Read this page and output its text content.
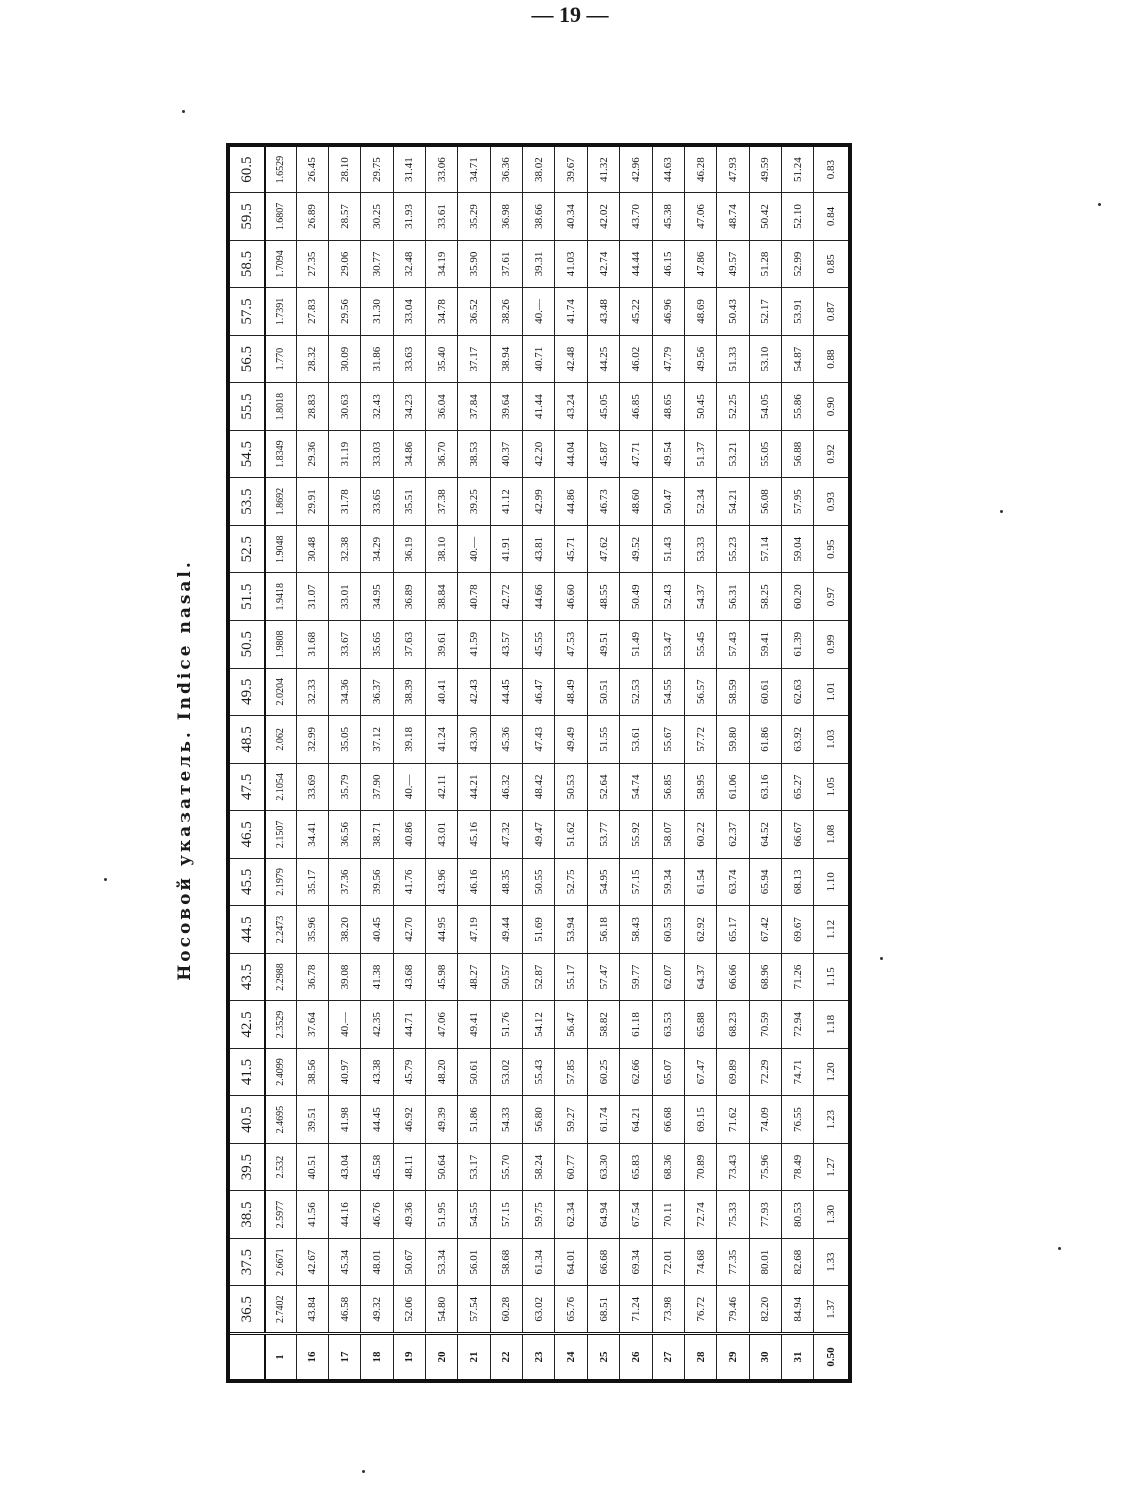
— 19 —
Носовой указатель. Indice nasal.
	36.5	37.5	38.5	39.5	40.5	41.5	42.5	43.5	44.5	45.5	46.5	47.5	48.5	49.5	50.5	51.5	52.5	53.5	54.5	55.5	56.5	57.5	58.5	59.5	60.5
1	2.7402	2.6671	2.5977	2.532	2.4695	2.4099	2.3529	2.2988	2.2473	2.1979	2.1507	2.1054	2.062	2.0204	1.9808	1.9418	1.9048	1.8692	1.8349	1.8018	1.770	1.7391	1.7094	1.6807	1.6529
16	43.84	42.67	41.56	40.51	39.51	38.56	37.64	36.78	35.96	35.17	34.41	33.69	32.99	32.33	31.68	31.07	30.48	29.91	29.36	28.83	28.32	27.83	27.35	26.89	26.45
17	46.58	45.34	44.16	43.04	41.98	40.97	40.—	39.08	38.20	37.36	36.56	35.79	35.05	34.36	33.67	33.01	32.38	31.78	31.19	30.63	30.09	29.56	29.06	28.57	28.10
18	49.32	48.01	46.76	45.58	44.45	43.38	42.35	41.38	40.45	39.56	38.71	37.90	37.12	36.37	35.65	34.95	34.29	33.65	33.03	32.43	31.86	31.30	30.77	30.25	29.75
19	52.06	50.67	49.36	48.11	46.92	45.79	44.71	43.68	42.70	41.76	40.86	40.—	39.18	38.39	37.63	36.89	36.19	35.51	34.86	34.23	33.63	33.04	32.48	31.93	31.41
20	54.80	53.34	51.95	50.64	49.39	48.20	47.06	45.98	44.95	43.96	43.01	42.11	41.24	40.41	39.61	38.84	38.10	37.38	36.70	36.04	35.40	34.78	34.19	33.61	33.06
21	57.54	56.01	54.55	53.17	51.86	50.61	49.41	48.27	47.19	46.16	45.16	44.21	43.30	42.43	41.59	40.78	40.—	39.25	38.53	37.84	37.17	36.52	35.90	35.29	34.71
22	60.28	58.68	57.15	55.70	54.33	53.02	51.76	50.57	49.44	48.35	47.32	46.32	45.36	44.45	43.57	42.72	41.91	41.12	40.37	39.64	38.94	38.26	37.61	36.98	36.36
23	63.02	61.34	59.75	58.24	56.80	55.43	54.12	52.87	51.69	50.55	49.47	48.42	47.43	46.47	45.55	44.66	43.81	42.99	42.20	41.44	40.71	40.—	39.31	38.66	38.02
24	65.76	64.01	62.34	60.77	59.27	57.85	56.47	55.17	53.94	52.75	51.62	50.53	49.49	48.49	47.53	46.60	45.71	44.86	44.04	43.24	42.48	41.74	41.03	40.34	39.67
25	68.51	66.68	64.94	63.30	61.74	60.25	58.82	57.47	56.18	54.95	53.77	52.64	51.55	50.51	49.51	48.55	47.62	46.73	45.87	45.05	44.25	43.48	42.74	42.02	41.32
26	71.24	69.34	67.54	65.83	64.21	62.66	61.18	59.77	58.43	57.15	55.92	54.74	53.61	52.53	51.49	50.49	49.52	48.60	47.71	46.85	46.02	45.22	44.44	43.70	42.96
27	73.98	72.01	70.11	68.36	66.68	65.07	63.53	62.07	60.53	59.34	58.07	56.85	55.67	54.55	53.47	52.43	51.43	50.47	49.54	48.65	47.79	46.96	46.15	45.38	44.63
28	76.72	74.68	72.74	70.89	69.15	67.47	65.88	64.37	62.92	61.54	60.22	58.95	57.72	56.57	55.45	54.37	53.33	52.34	51.37	50.45	49.56	48.69	47.86	47.06	46.28
29	79.46	77.35	75.33	73.43	71.62	69.89	68.23	66.66	65.17	63.74	62.37	61.06	59.80	58.59	57.43	56.31	55.23	54.21	53.21	52.25	51.33	50.43	49.57	48.74	47.93
30	82.20	80.01	77.93	75.96	74.09	72.29	70.59	68.96	67.42	65.94	64.52	63.16	61.86	60.61	59.41	58.25	57.14	56.08	55.05	54.05	53.10	52.17	51.28	50.42	49.59
31	84.94	82.68	80.53	78.49	76.55	74.71	72.94	71.26	69.67	68.13	66.67	65.27	63.92	62.63	61.39	60.20	59.04	57.95	56.88	55.86	54.87	53.91	52.99	52.10	51.24
0.50	1.37	1.33	1.30	1.27	1.23	1.20	1.18	1.15	1.12	1.10	1.08	1.05	1.03	1.01	0.99	0.97	0.95	0.93	0.92	0.90	0.88	0.87	0.85	0.84	0.83
